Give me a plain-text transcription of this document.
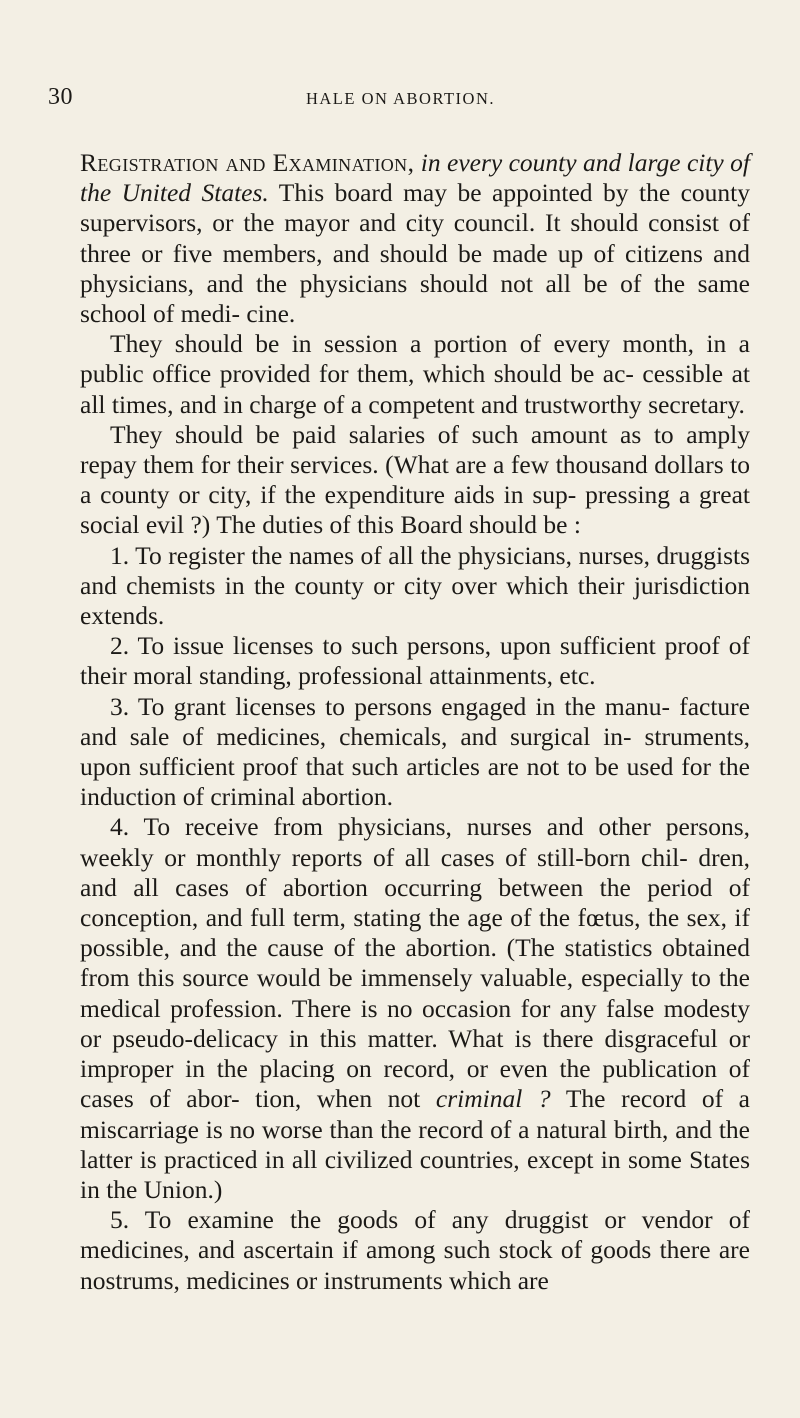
30	HALE ON ABORTION.

Registration and Examination, in every county and large city of the United States. This board may be appointed by the county supervisors, or the mayor and city council. It should consist of three or five members, and should be made up of citizens and physicians, and the physicians should not all be of the same school of medi- cine.

They should be in session a portion of every month, in a public office provided for them, which should be ac- cessible at all times, and in charge of a competent and trustworthy secretary.

They should be paid salaries of such amount as to amply repay them for their services. (What are a few thousand dollars to a county or city, if the expenditure aids in sup- pressing a great social evil ?) The duties of this Board should be :

1. To register the names of all the physicians, nurses, druggists and chemists in the county or city over which their jurisdiction extends.

2. To issue licenses to such persons, upon sufficient proof of their moral standing, professional attainments, etc.

3. To grant licenses to persons engaged in the manu- facture and sale of medicines, chemicals, and surgical in- struments, upon sufficient proof that such articles are not to be used for the induction of criminal abortion.

4. To receive from physicians, nurses and other persons, weekly or monthly reports of all cases of still-born chil- dren, and all cases of abortion occurring between the period of conception, and full term, stating the age of the fœtus, the sex, if possible, and the cause of the abortion. (The statistics obtained from this source would be immensely valuable, especially to the medical profession. There is no occasion for any false modesty or pseudo-delicacy in this matter. What is there disgraceful or improper in the placing on record, or even the publication of cases of abor- tion, when not criminal ? The record of a miscarriage is no worse than the record of a natural birth, and the latter is practiced in all civilized countries, except in some States in the Union.)

5. To examine the goods of any druggist or vendor of medicines, and ascertain if among such stock of goods there are nostrums, medicines or instruments which are
